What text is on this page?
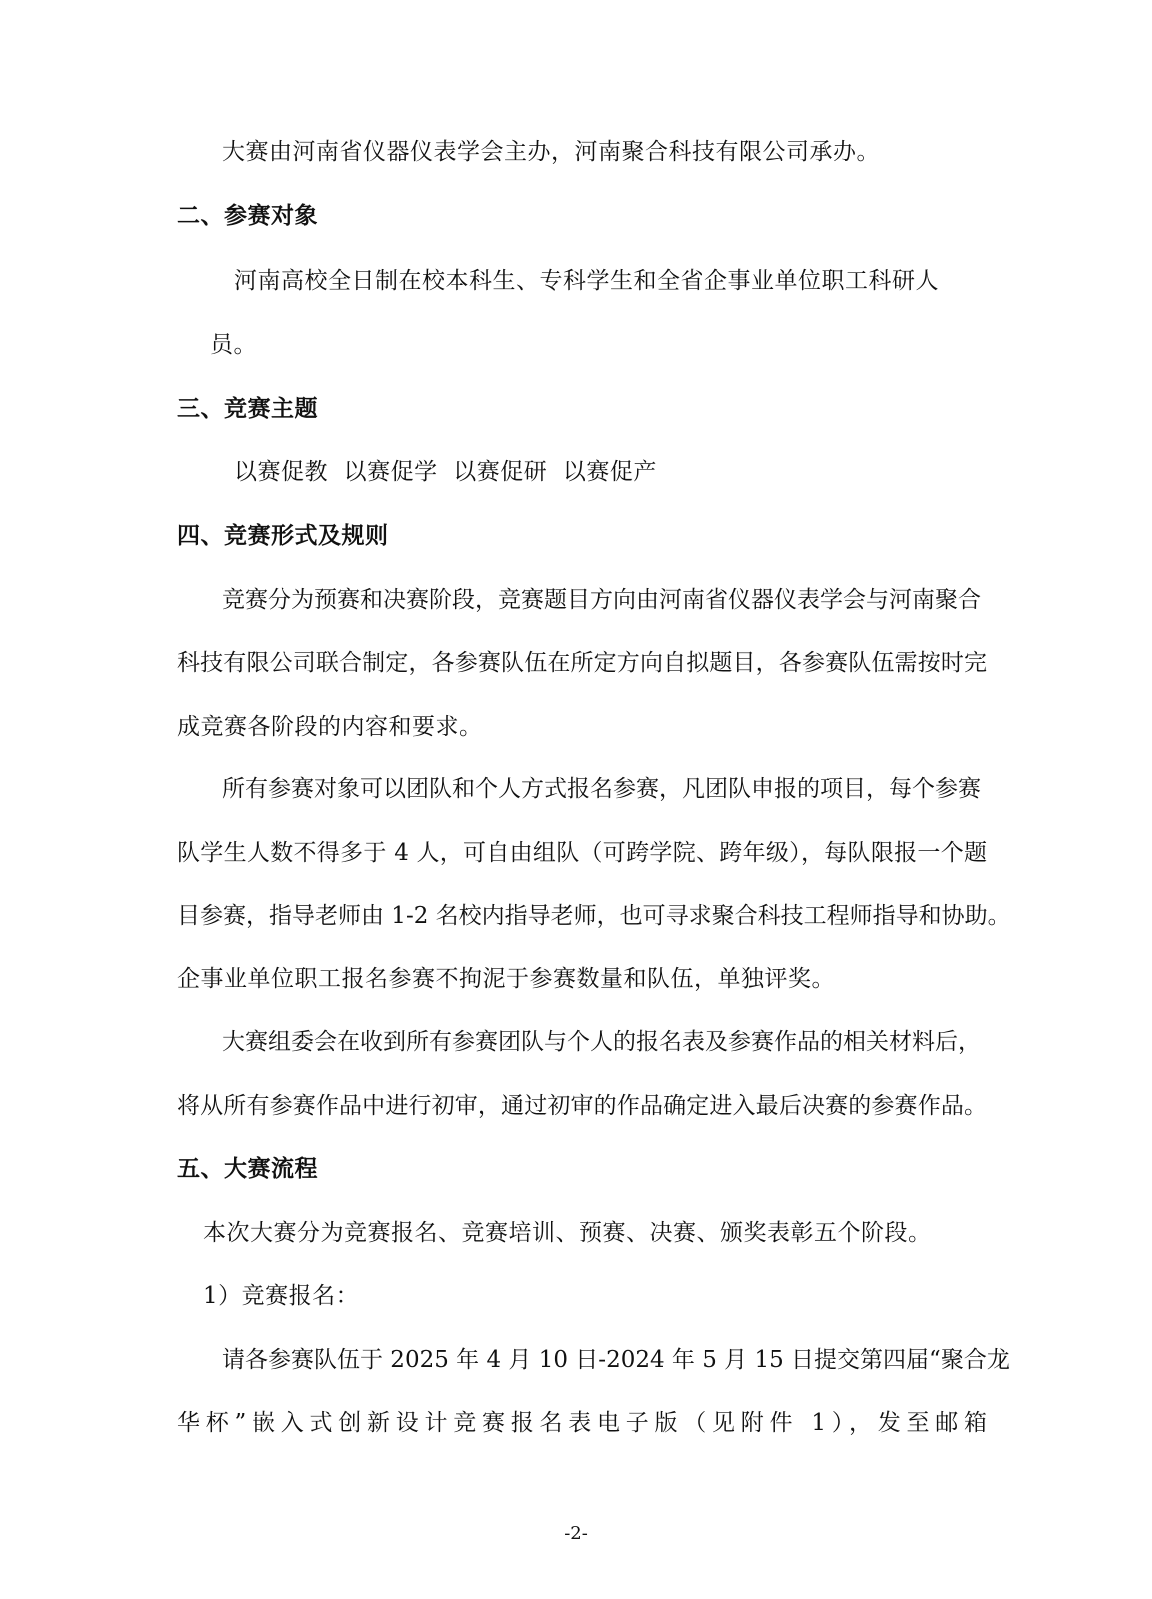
大赛由河南省仪器仪表学会主办，河南聚合科技有限公司承办。
二、参赛对象
河南高校全日制在校本科生、专科学生和全省企事业单位职工科研人
员。
三、竞赛主题
以赛促教  以赛促学  以赛促研  以赛促产
四、竞赛形式及规则
竞赛分为预赛和决赛阶段，竞赛题目方向由河南省仪器仪表学会与河南聚合
科技有限公司联合制定，各参赛队伍在所定方向自拟题目，各参赛队伍需按时完
成竞赛各阶段的内容和要求。
所有参赛对象可以团队和个人方式报名参赛，凡团队申报的项目，每个参赛
队学生人数不得多于 4 人，可自由组队（可跨学院、跨年级），每队限报一个题
目参赛，指导老师由 1-2 名校内指导老师，也可寻求聚合科技工程师指导和协助。
企事业单位职工报名参赛不拘泥于参赛数量和队伍，单独评奖。
大赛组委会在收到所有参赛团队与个人的报名表及参赛作品的相关材料后，
将从所有参赛作品中进行初审，通过初审的作品确定进入最后决赛的参赛作品。
五、大赛流程
本次大赛分为竞赛报名、竞赛培训、预赛、决赛、颁奖表彰五个阶段。
1）竞赛报名：
请各参赛队伍于 2025 年 4 月 10 日-2024 年 5 月 15 日提交第四届“聚合龙
华杯”嵌入式创新设计竞赛报名表电子版（见附件 1），发至邮箱
-2-
